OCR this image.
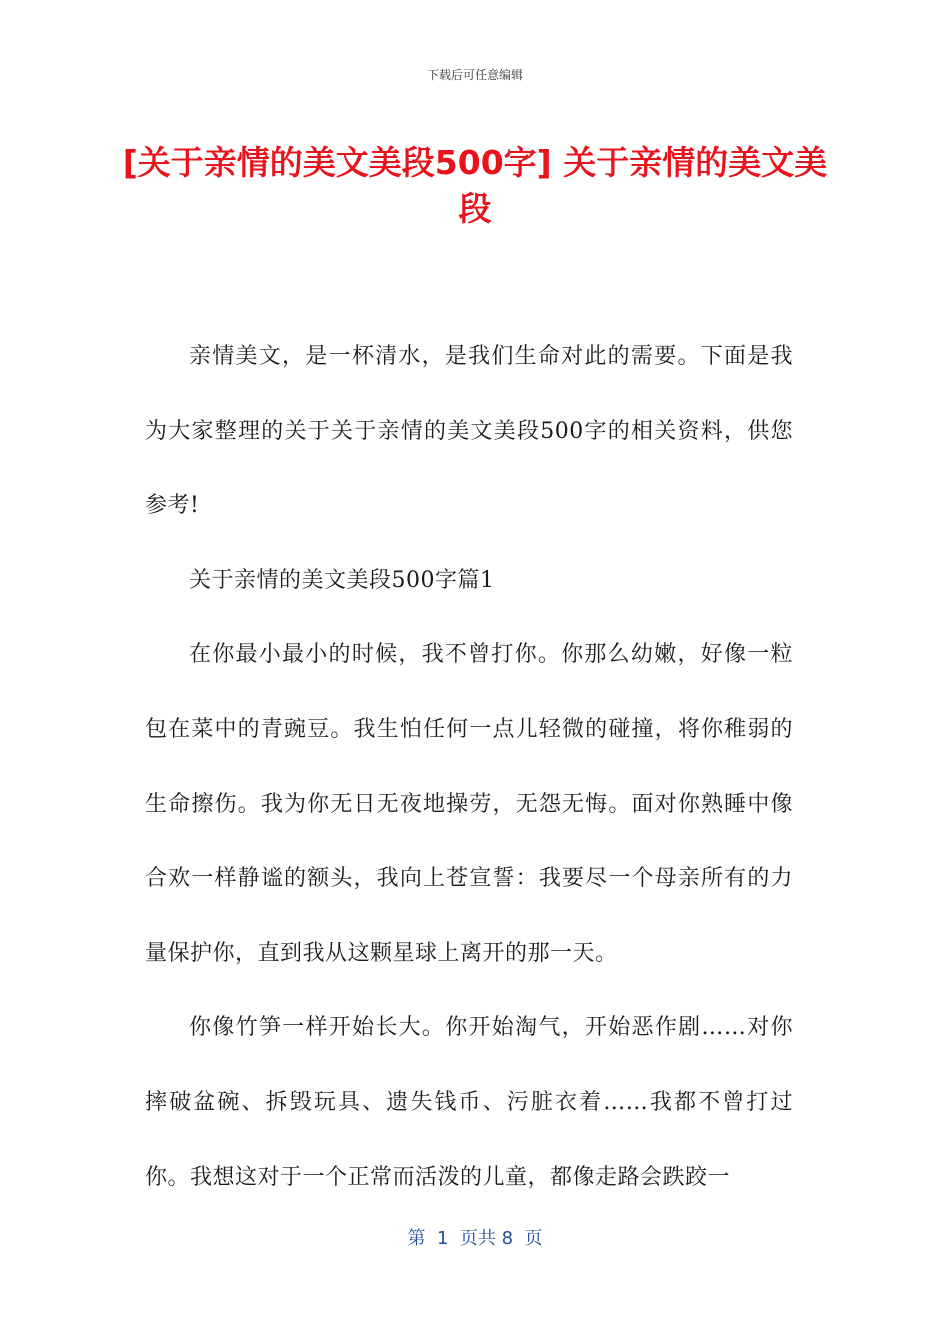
下载后可任意编辑
[关于亲情的美文美段500字] 关于亲情的美文美段

亲情美文，是一杯清水，是我们生命对此的需要。下面是我为大家整理的关于关于亲情的美文美段500字的相关资料，供您参考!

关于亲情的美文美段500字篇1

在你最小最小的时候，我不曾打你。你那么幼嫩，好像一粒包在菜中的青豌豆。我生怕任何一点儿轻微的碰撞，将你稚弱的生命擦伤。我为你无日无夜地操劳，无怨无悔。面对你熟睡中像合欢一样静谧的额头，我向上苍宣誓：我要尽一个母亲所有的力量保护你，直到我从这颗星球上离开的那一天。

你像竹笋一样开始长大。你开始淘气，开始恶作剧……对你摔破盆碗、拆毁玩具、遗失钱币、污脏衣着……我都不曾打过你。我想这对于一个正常而活泼的儿童，都像走路会跌跤一

第  1  页共 8  页
